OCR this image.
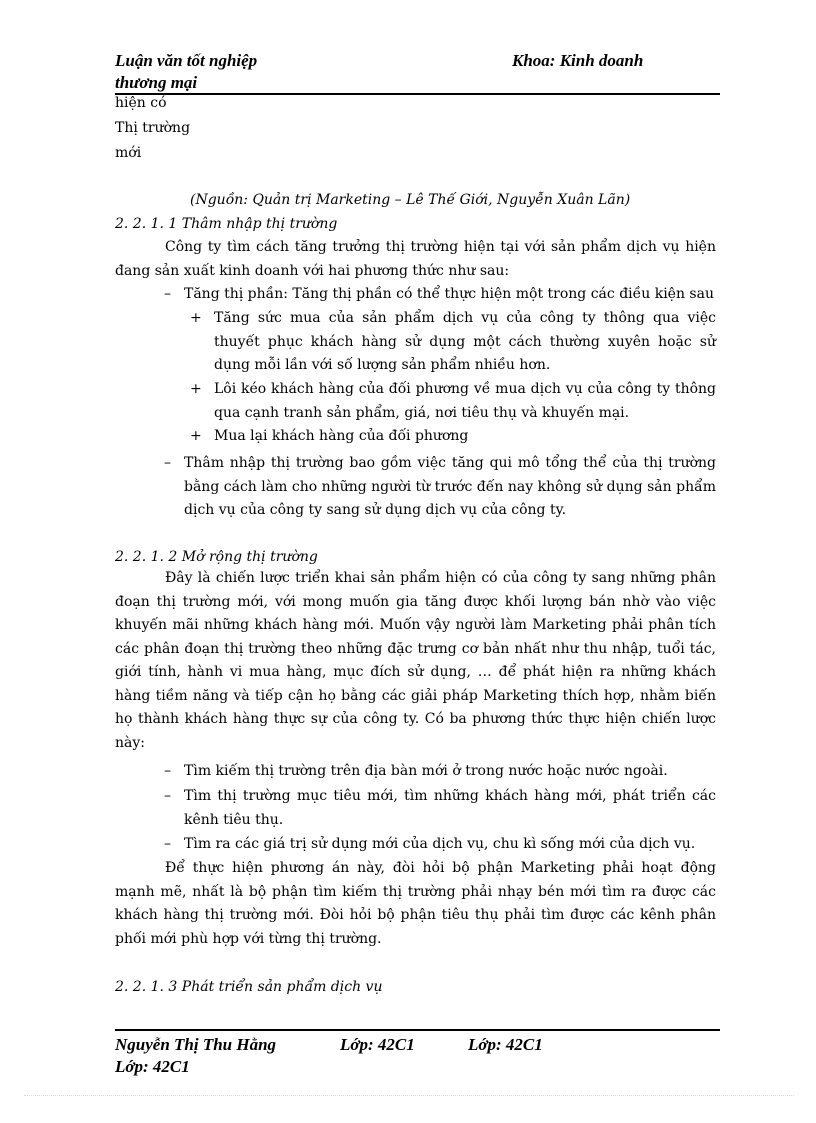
Luận văn tốt nghiệp
thương mại
Khoa: Kinh doanh
hiện có
Thị trường
mới
(Nguồn: Quản trị Marketing – Lê Thế Giới, Nguyễn Xuân Lãn)
2. 2. 1. 1 Thâm nhập thị trường
Công ty tìm cách tăng trưởng thị trường hiện tại với sản phẩm dịch vụ hiện đang sản xuất kinh doanh với hai phương thức như sau:
– Tăng thị phần: Tăng thị phần có thể thực hiện một trong các điều kiện sau
+ Tăng sức mua của sản phẩm dịch vụ của công ty thông qua việc thuyết phục khách hàng sử dụng một cách thường xuyên hoặc sử dụng mỗi lần với số lượng sản phẩm nhiều hơn.
+ Lôi kéo khách hàng của đối phương về mua dịch vụ của công ty thông qua cạnh tranh sản phẩm, giá, nơi tiêu thụ và khuyến mại.
+ Mua lại khách hàng của đối phương
– Thâm nhập thị trường bao gồm việc tăng qui mô tổng thể của thị trường bằng cách làm cho những người từ trước đến nay không sử dụng sản phẩm dịch vụ của công ty sang sử dụng dịch vụ của công ty.
2. 2. 1. 2 Mở rộng thị trường
Đây là chiến lược triển khai sản phẩm hiện có của công ty sang những phân đoạn thị trường mới, với mong muốn gia tăng được khối lượng bán nhờ vào việc khuyến mãi những khách hàng mới. Muốn vậy người làm Marketing phải phân tích các phân đoạn thị trường theo những đặc trưng cơ bản nhất như thu nhập, tuổi tác, giới tính, hành vi mua hàng, mục đích sử dụng, … để phát hiện ra những khách hàng tiềm năng và tiếp cận họ bằng các giải pháp Marketing thích hợp, nhằm biến họ thành khách hàng thực sự của công ty. Có ba phương thức thực hiện chiến lược này:
– Tìm kiếm thị trường trên địa bàn mới ở trong nước hoặc nước ngoài.
– Tìm thị trường mục tiêu mới, tìm những khách hàng mới, phát triển các kênh tiêu thụ.
– Tìm ra các giá trị sử dụng mới của dịch vụ, chu kì sống mới của dịch vụ.
Để thực hiện phương án này, đòi hỏi bộ phận Marketing phải hoạt động mạnh mẽ, nhất là bộ phận tìm kiếm thị trường phải nhạy bén mới tìm ra được các khách hàng thị trường mới. Đòi hỏi bộ phận tiêu thụ phải tìm được các kênh phân phối mới phù hợp với từng thị trường.
2. 2. 1. 3 Phát triển sản phẩm dịch vụ
Nguyễn Thị Thu Hằng	Lớp: 42C1	Lớp: 42C1
Lớp: 42C1
